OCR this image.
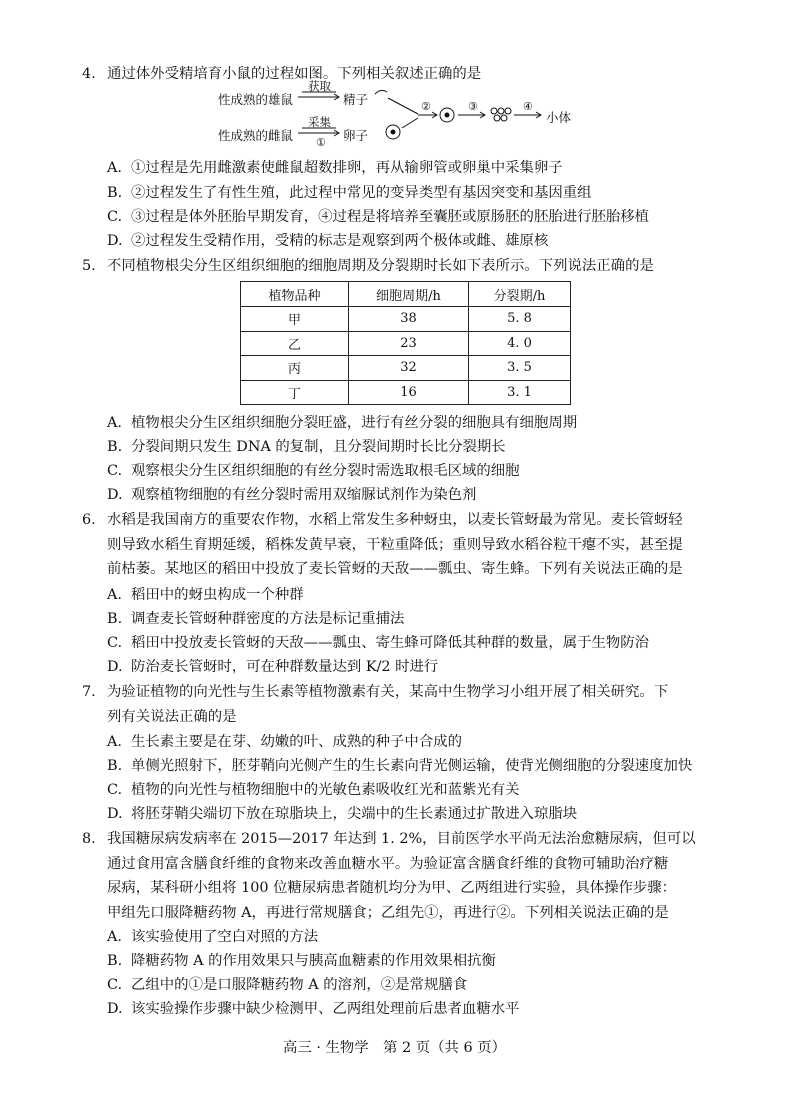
4. 通过体外受精培育小鼠的过程如图。下列相关叙述正确的是
性成熟的雄鼠
获取
精子
性成熟的雌鼠
采集
① 卵子
②	③	④
小体
A. ①过程是先用雌激素使雌鼠超数排卵，再从输卵管或卵巢中采集卵子
B. ②过程发生了有性生殖，此过程中常见的变异类型有基因突变和基因重组
C. ③过程是体外胚胎早期发育，④过程是将培养至囊胚或原肠胚的胚胎进行胚胎移植
D. ②过程发生受精作用，受精的标志是观察到两个极体或雌、雄原核
5. 不同植物根尖分生区组织细胞的细胞周期及分裂期时长如下表所示。下列说法正确的是
植物品种	细胞周期/h	分裂期/h
甲	38	5. 8
乙	23	4. 0
丙	32	3. 5
丁	16	3. 1
A. 植物根尖分生区组织细胞分裂旺盛，进行有丝分裂的细胞具有细胞周期
B. 分裂间期只发生 DNA 的复制，且分裂间期时长比分裂期长
C. 观察根尖分生区组织细胞的有丝分裂时需选取根毛区域的细胞
D. 观察植物细胞的有丝分裂时需用双缩脲试剂作为染色剂
6. 水稻是我国南方的重要农作物，水稻上常发生多种蚜虫，以麦长管蚜最为常见。麦长管蚜轻
则导致水稻生育期延缓，稻株发黄早衰，干粒重降低；重则导致水稻谷粒干瘪不实，甚至提
前枯萎。某地区的稻田中投放了麦长管蚜的天敌——瓢虫、寄生蜂。下列有关说法正确的是
A. 稻田中的蚜虫构成一个种群
B. 调查麦长管蚜种群密度的方法是标记重捕法
C. 稻田中投放麦长管蚜的天敌——瓢虫、寄生蜂可降低其种群的数量，属于生物防治
D. 防治麦长管蚜时，可在种群数量达到 K/2 时进行
7. 为验证植物的向光性与生长素等植物激素有关，某高中生物学习小组开展了相关研究。下
列有关说法正确的是
A. 生长素主要是在芽、幼嫩的叶、成熟的种子中合成的
B. 单侧光照射下，胚芽鞘向光侧产生的生长素向背光侧运输，使背光侧细胞的分裂速度加快
C. 植物的向光性与植物细胞中的光敏色素吸收红光和蓝紫光有关
D. 将胚芽鞘尖端切下放在琼脂块上，尖端中的生长素通过扩散进入琼脂块
8. 我国糖尿病发病率在 2015—2017 年达到 1. 2%，目前医学水平尚无法治愈糖尿病，但可以
通过食用富含膳食纤维的食物来改善血糖水平。为验证富含膳食纤维的食物可辅助治疗糖
尿病，某科研小组将 100 位糖尿病患者随机均分为甲、乙两组进行实验，具体操作步骤：
甲组先口服降糖药物 A，再进行常规膳食；乙组先①，再进行②。下列相关说法正确的是
A. 该实验使用了空白对照的方法
B. 降糖药物 A 的作用效果只与胰高血糖素的作用效果相抗衡
C. 乙组中的①是口服降糖药物 A 的溶剂，②是常规膳食
D. 该实验操作步骤中缺少检测甲、乙两组处理前后患者血糖水平
高三 · 生物学　第 2 页（共 6 页）
